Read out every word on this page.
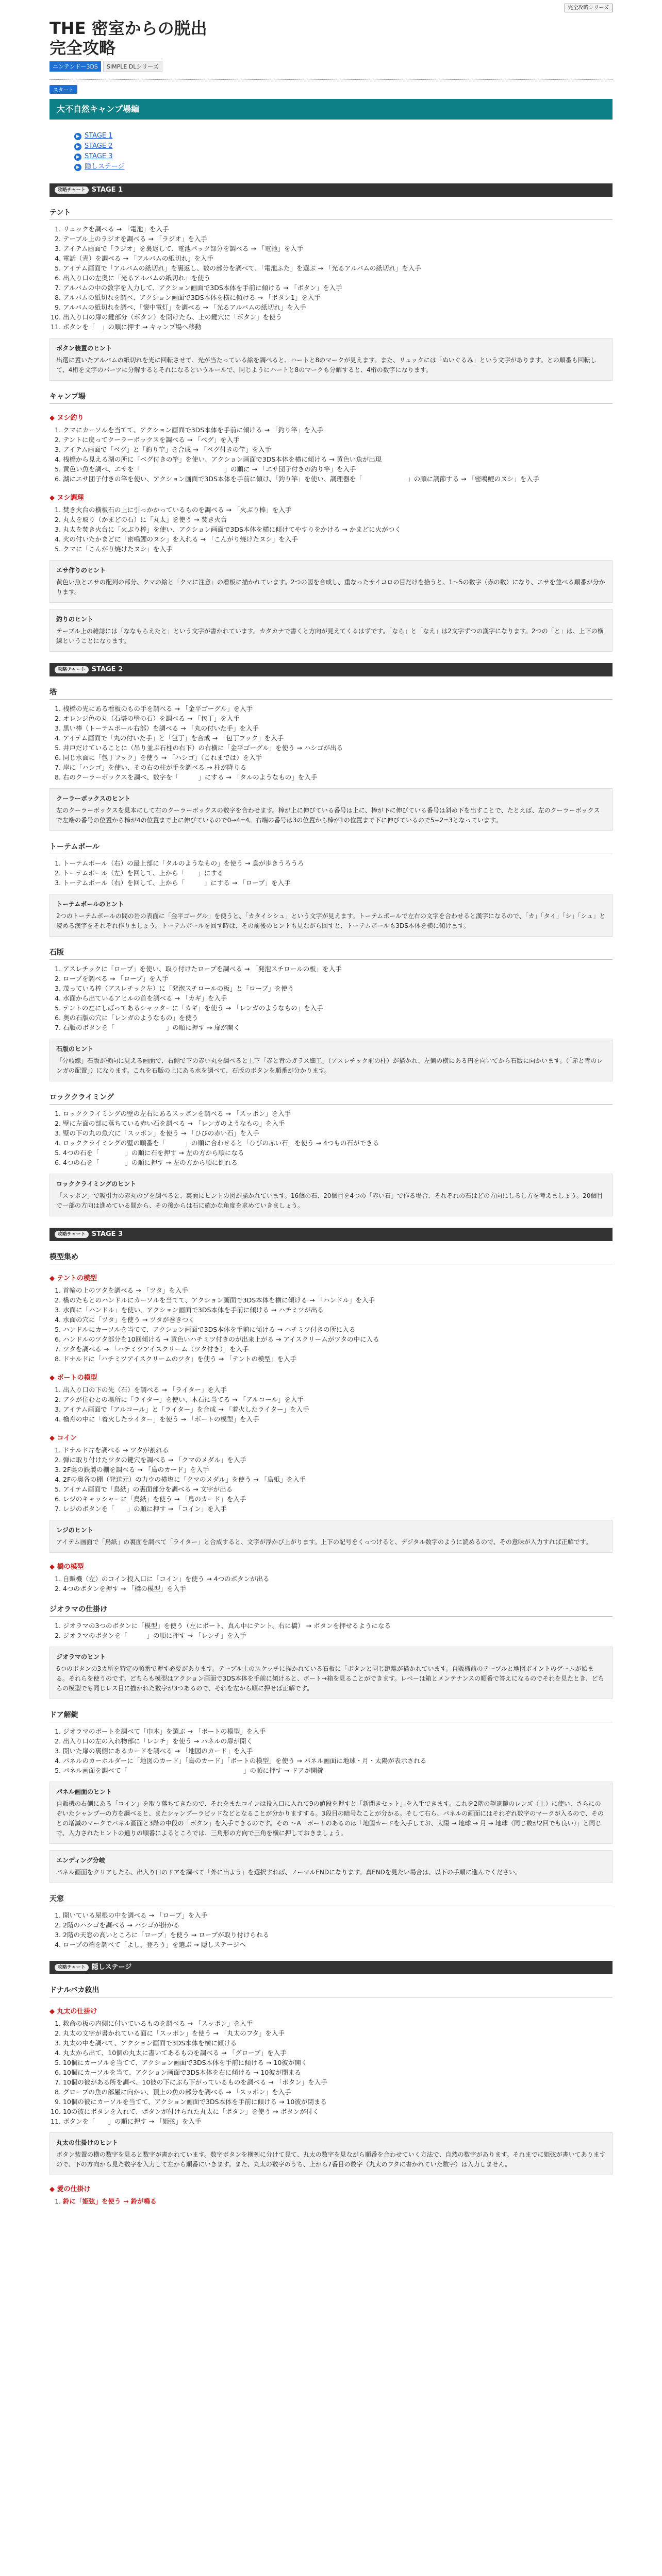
完全攻略シリーズ
THE 密室からの脱出
完全攻略
ニンテンドー3DS SIMPLE DLシリーズ
スタート
大不自然キャンプ場編
▶ STAGE 1
▶ STAGE 2
▶ STAGE 3
▶ 隠しステージ
攻略チャート STAGE 1
テント
1. リュックを調べる → 「電池」を入手
2. テーブル上のラジオを調べる → 「ラジオ」を入手
3. アイテム画面で「ラジオ」を裏返して、電池パック部分を調べる → 「電池」を入手
4. 電話（青）を調べる → 「アルバムの紙切れ」を入手
5. アイテム画面で「アルバムの紙切れ」を裏返し、数の部分を調べて、「電池ふた」を選ぶ → 「光るアルバムの紙切れ」を入手
6. 出入り口の左奥に「光るアルバムの紙切れ」を使う
7. アルバムの中の数字を入力して、アクション画面で3DS本体を手前に傾ける → 「ボタン」を入手
8. アルバムの紙切れを調べ、アクション画面で3DS本体を横に傾ける → 「ボタン1」を入手
9. アルバムの紙切れを調べ、「懐中電灯」を調べる → 「光るアルバムの紙切れ」を入手
10. 出入り口の扉の鍵部分（ボタン）を開けたら、上の鍵穴に「ボタン」を使う
11. ボタンを「　」の順に押す → キャンプ場へ移動
ボタン装置のヒント
出選に置いたアルバムの紙切れを光に回転させて、光が当たっている絵を調べると、ハートと8のマークが見えます。また、リュックには「ぬいぐるみ」という文字があります。との順番も回転して、4桁を文字のパーツに分解するとそれになるというルールで、同じようにハートと8のマークも分解すると、4桁の数字になります。
キャンプ場
◆ ヌシ釣り
1. クマにカーソルを当てて、アクション画面で3DS本体を手前に傾ける → 「釣り竿」を入手
2. テントに戻ってクーラーボックスを調べる → 「ベグ」を入手
3. アイテム画面で「ベグ」と「釣り竿」を合成 → 「ベグ付きの竿」を入手
4. 桟橋から見える湖の所に「ベグ付きの竿」を使い、アクション画面で3DS本体を横に傾ける → 黄色い魚が出現
5. 黄色い魚を調べ、エサを「　　　　　　　　　　　　　」の順に → 「エサ団子付きの釣り竿」を入手
6. 湖にエサ団子付きの竿を使い、アクション画面で3DS本体を手前に傾け、「釣り竿」を使い、調理器を「　　　　　　　」の順に調節する → 「密鳴鯉のヌシ」を入手
◆ ヌシ調理
1. 焚き火台の横板石の上に引っかかっているものを調べる → 「火ぶり棒」を入手
2. 丸太を取り（かまどの石）に「丸太」を使う → 焚き火台
3. 丸太を焚き火台に「火ぶり棒」を使い、アクション画面で3DS本体を横に傾けてやすりをかける → かまどに火がつく
4. 火の付いたかまどに「密鳴鯉のヌシ」を入れる → 「こんがり焼けたヌシ」を入手
5. クマに「こんがり焼けたヌシ」を入手
エサ作りのヒント
黄色い魚とエサの配列の部分、クマの絵と「クマに注意」の看板に描かれています。2つの図を合成し、重なったサイコロの目だけを拾うと、1〜5の数字（赤の数）になり、エサを並べる順番が分かります。
釣りのヒント
テーブル上の雑誌には「ななもらえたと」という文字が書かれています。カタカナで書くと方向が見えてくるはずです。「なら」と「なえ」は2文字ずつの漢字になります。2つの「と」は、上下の横線ということになります。
攻略チャート STAGE 2
塔
1. 桟橋の先にある看板のもの手を調べる → 「金平ゴーグル」を入手
2. オレンジ色の丸（石塔の壁の石）を調べる → 「包丁」を入手
3. 黒い棒（トーテムポール右部）を調べる → 「丸の付いた手」を入手
4. アイテム画面で「丸の付いた手」と「包丁」を合成 → 「包丁フック」を入手
5. 井戸だけていることに（吊り並ぶ石柱の右下）の右横に「金平ゴーグル」を使う → ハシゴが出る
6. 同じ水面に「包丁フック」を使う → 「ハシゴ」（これまでは）を入手
7. 岸に「ハシゴ」を使い、その右の柱が手を調べる → 柱が降りる
8. 右のクーラーボックスを調べ、数字を「　　　」にする → 「タルのようなもの」を入手
クーラーボックスのヒント
左のクーラーボックスを見本にして右のクーラーボックスの数字を合わせます。棒が上に伸びている番号は上に、棒が下に伸びている番号は斜め下を出すことで、たとえば、左のクーラーボックスで左端の番号の位置から棒が4の位置まで上に伸びているので0→4=4。右端の番号は3の位置から棒が1の位置まで下に伸びているので5−2=3となっています。
トーテムポール
1. トーテムポール（右）の最上部に「タルのようなもの」を使う → 鳥が歩きうろうろ
2. トーテムポール（左）を回して、上から「　　」にする
3. トーテムポール（右）を回して、上から「　　　」にする → 「ロープ」を入手
トーテムポールのヒント
2つのトーテムポールの間の岩の表面に「金平ゴーグル」を使うと、「カタイシシュ」という文字が見えます。トーテムポールで左右の文字を合わせると漢字になるので、「カ」「タイ」「シ」「シュ」と読める漢字をそれぞれ作りましょう。トーテムポールを回す時は、その前後のヒントも見ながら回すと、トーテムポールも3DS本体を横に傾けます。
石版
1. アスレチックに「ロープ」を使い、取り付けたロープを調べる → 「発泡スチロールの板」を入手
2. ロープを調べる → 「ロープ」を入手
3. 茂っている棒（アスレチック左）に「発泡スチロールの板」と「ロープ」を使う
4. 水面から出ているアヒルの首を調べる → 「カギ」を入手
5. テントの左にしばってあるシャッターに「カギ」を使う → 「レンガのようなもの」を入手
6. 奥の石版の穴に「レンガのようなもの」を使う
7. 石版のボタンを「　　　　　　　　」の順に押す → 扉が開く
石版のヒント
「分岐線」石版が横向に見える画面で、右側で下の赤い丸を調べると上下「赤と青のガラス細工」（アスレチック前の柱）が描かれ、左側の横にある円を向いてから石版に向かいます。（「赤と青のレンガの配置」）になります。これを石版の上にある水を調べて、石版のボタンを順番が分かります。
ロッククライミング
1. ロッククライミングの壁の左右にあるスッポンを調べる → 「スッポン」を入手
2. 壁に左面の部に落ちている赤い石を調べる → 「レンガのようなもの」を入手
3. 壁の下の丸の魚穴に「スッポン」を使う → 「ひびの赤い石」を入手
4. ロッククライミングの壁の順番を「　　　」の順に合わせると「ひびの赤い石」を使う → 4つもの石ができる
5. 4つの石を「　　　　」の順に石を押す → 左の方から順になる
6. 4つの石を「　　　　」の順に押す → 左の方から順に倒れる
ロッククライミングのヒント
「スッポン」で吸引力の赤丸のブを調べると、裏面にヒントの図が描かれています。16個の石、20個目を4つの「赤い石」で作る場合、それぞれの石はどの方向にしるし方を考えましょう。20個目で一部の方向は進めている間から、その後からは石に確かな角度を求めていきましょう。
攻略チャート STAGE 3
模型集め
◆ テントの模型
1. 首輪の上のツタを調べる → 「ツタ」を入手
2. 橋のたもとのハンドルにカーソルを当てて、アクション画面で3DS本体を横に傾ける → 「ハンドル」を入手
3. 水面に「ハンドル」を使い、アクション画面で3DS本体を手前に傾ける → ハチミツが出る
4. 水面の穴に「ツタ」を使う → ツタが巻きつく
5. ハンドルにカーソルを当てて、アクション画面で3DS本体を手前に傾ける → ハチミツ付きの所に入る
6. ハンドルのツタ部分を10回傾ける → 黄色いハチミツ付きのが出来上がる → アイスクリームがツタの中に入る
7. ツタを調べる → 「ハチミツアイスクリーム（ツタ付き）」を入手
8. ドナルドに「ハチミツアイスクリームのツタ」を使う → 「テントの模型」を入手
◆ ボートの模型
1. 出入り口の下の先（石）を調べる → 「ライター」を入手
2. アクが住むとの場所に「ライター」を使い、木石に当てる → 「アルコール」を入手
3. アイテム画面で「アルコール」と「ライター」を合成 → 「着火したライター」を入手
4. 櫓舟の中に「着火したライター」を使う → 「ボートの模型」を入手
◆ コイン
1. ドナルド片を調べる → ツタが割れる
2. 弾に取り付けたツタの鍵穴を調べる → 「クマのメダル」を入手
3. 2F奥の鉄製の棚を調べる → 「鳥のカード」を入手
4. 2Fの奥各の棚（発送元）の力ウの横塩に「クマのメダル」を使う → 「鳥紙」を入手
5. アイテム画面で「鳥紙」の裏面部分を調べる → 文字が出る
6. レジのキャッシャーに「鳥紙」を使う → 「鳥のカード」を入手
7. レジのボタンを「　　」の順に押す → 「コイン」を入手
レジのヒント
アイテム画面で「鳥紙」の裏面を調べて「ライター」と合成すると、文字が浮かび上がります。上下の記号をくっつけると、デジタル数字のように読めるので、その意味が入力すれば正解です。
◆ 橋の模型
1. 自販機（左）のコイン投入口に「コイン」を使う → 4つのボタンが出る
2. 4つのボタンを押す → 「橋の模型」を入手
ジオラマの仕掛け
1. ジオラマの3つのボタンに「模型」を使う（左にボート、真ん中にテント、右に橋） → ボタンを押せるようになる
2. ジオラマのボタンを「　　　」の順に押す → 「レンチ」を入手
ジオラマのヒント
6つのボタンの3カ所を特定の順番で押す必要があります。テーブル上のスケッチに描かれている石板に「ボタンと同じ距離が描かれています。自販機前のテーブルと地図ポイントのゲームが始まる。それらを使うのです。どちらも模型はアクション画面で3DS本体を手前に傾けると、ボート→箱を見ることができます。レベーは箱とメンテナンスの順番で答えになるのでそれを見たとき、どちらの模型でも同じレス目に描かれた数字が3つあるので、それを左から順に押せば正解です。
ドア解錠
1. ジオラマのボートを調べて「巾木」を選ぶ → 「ボートの模型」を入手
2. 出入り口の左の入れ物部に「レンチ」を使う → パネルの扉が開く
3. 開いた扉の裏側にあるカードを調べる → 「地図のカード」を入手
4. パネルのカーホルダーに「地図のカード」「鳥のカード」「ボートの模型」を使う → パネル画面に地球・月・太陽が表示される
5. パネル画面を調べて「　　　　　　　　　　　　　　　　　　」の順に押す → ドアが開錠
パネル画面のヒント
自販機の右側にある「コイン」を取り落ちてきたので、それをまたコインは投入口に入れて9の値段を押すと「新聞きセット」を入手できます。これを2階の望遠鏡のレンズ（上）に使い、さらにのぞいたシャンプーの方を調べると、またシャンプーラピッドなどとなることが分かりますする。3段目の暗号なことが分かる。そして右ら、パネルの画面にはそれぞれ数字のマークが入るので、そのとの増減のマークでパネル画面と3階の中段の「ボタン」を入手できるのです。その 〜A「ボートのあるのは「地図カードを入手してお、太陽 → 地球 → 月 → 地球（同じ数が2回でも良い）」と同じで、入力されたヒントの通りの順番によるところでは、三角形の方向で三角を横に押しておきましょう。
エンディング分岐
パネル画面をクリアしたら、出入り口のドアを調べて「外に出よう」を選択すれば、ノーマルENDになります。真ENDを見たい場合は、以下の手順に進んでください。
天窓
1. 開いている屋根の中を調べる → 「ロープ」を入手
2. 2階のハシゴを調べる → ハシゴが掛かる
3. 2階の天窓の高いところに「ロープ」を使う → ロープが取り付けられる
4. ロープの端を調べて「よし、登ろう」を選ぶ → 隠しステージへ
攻略チャート 隠しステージ
ドナルバカ救出
◆ 丸太の仕掛け
1. 救命の板の内側に付いているものを調べる → 「スッポン」を入手
2. 丸太の文字が書かれている面に「スッポン」を使う → 「丸太のフタ」を入手
3. 丸太の中を調べて、アクション画面で3DS本体を横に傾ける
4. 丸太から出て、10個の丸太に書いてあるものを調べる → 「グローブ」を入手
5. 10個にカーソルを当てて、アクション画面で3DS本体を手前に傾ける → 10彼が開く
6. 10個にカーソルを当て、アクション画面で3DS本体を右に傾ける → 10彼が閉まる
7. 10個の彼がある所を調べ、10彼の下にぶら下がっているものを調べる → 「ボタン」を入手
8. グローブの魚の部屋に向かい、頂上の魚の部分を調べる → 「スッポン」を入手
9. 10個の彼にカーソルを当てて、アクション画面で3DS本体を手前に傾ける → 10彼が閉まる
10. 10の彼にボタンを入れて、ボタンが付けられた丸太に「ボタン」を使う → ボタンが付く
11. ボタンを「　　」の順に押す → 「姫弦」を入手
丸太の仕掛けのヒント
ボタン装置の横の数字を見ると数字が書かれています。数字ボタンを横列に分けて見て、丸太の数字を見ながら順番を合わせていく方法で、自然の数字があります。それまでに姫弦が書いてありますので、下の方向から見た数字を入力して左から順番にいきます。また、丸太の数字のうち、上から7番目の数字（丸太のフタに書かれていた数字）は入力しません。
◆ 愛の仕掛け
1. 鈴に「姫弦」を使う → 鈴が鳴る
